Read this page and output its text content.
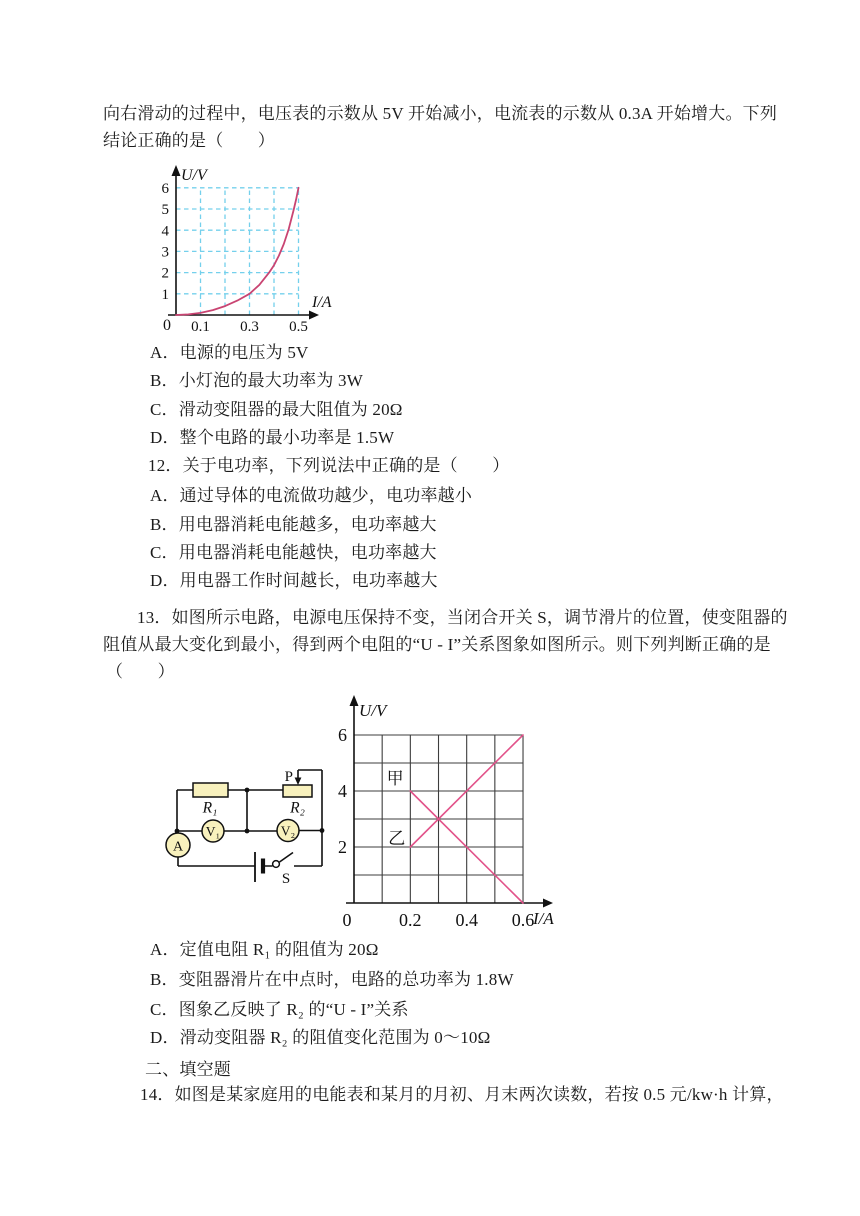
0.1 0.3 0.5
1
2
3
4
5
6
0
I/A
U/V
R₁	R₂
V₁	V₂
A
S
P	甲
乙
0	0.2 0.4 0.6
2
4
6
I/A
U/V
向右滑动的过程中，电压表的示数从 5V 开始减小，电流表的示数从 0.3A 开始增大。下列
结论正确的是（　　）
A．电源的电压为 5V
B．小灯泡的最大功率为 3W
C．滑动变阻器的最大阻值为 20Ω
D．整个电路的最小功率是 1.5W
12．关于电功率，下列说法中正确的是（　　）
A．通过导体的电流做功越少，电功率越小
B．用电器消耗电能越多，电功率越大
C．用电器消耗电能越快，电功率越大
D．用电器工作时间越长，电功率越大
13．如图所示电路，电源电压保持不变，当闭合开关 S，调节滑片的位置，使变阻器的
阻值从最大变化到最小，得到两个电阻的“U - I”关系图象如图所示。则下列判断正确的是
（　　）
A．定值电阻 R₁ 的阻值为 20Ω
B．变阻器滑片在中点时，电路的总功率为 1.8W
C．图象乙反映了 R₂ 的“U - I”关系
D．滑动变阻器 R₂ 的阻值变化范围为 0～10Ω
二、填空题
14．如图是某家庭用的电能表和某月的月初、月末两次读数，若按 0.5 元/kw·h 计算，
